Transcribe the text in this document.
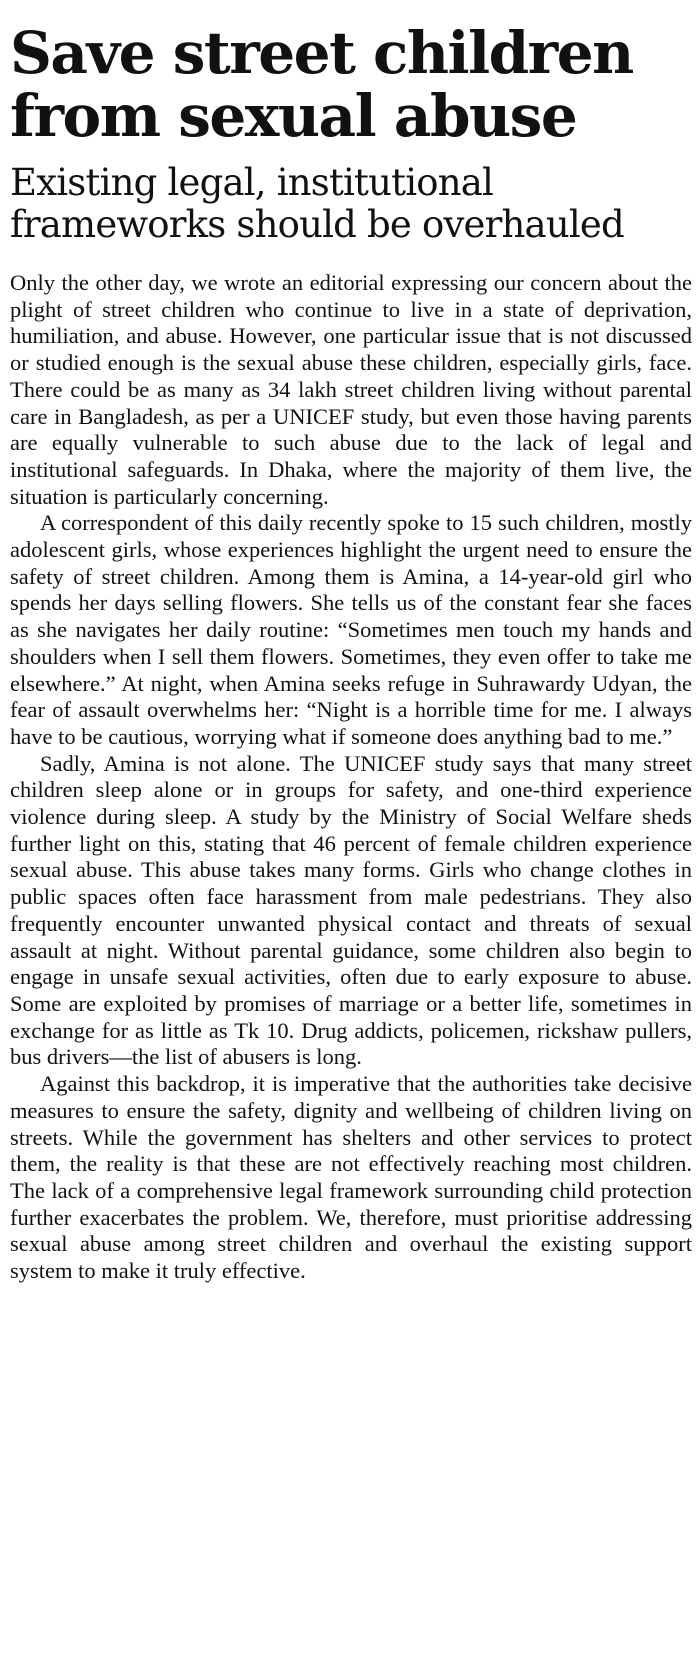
Save street children from sexual abuse
Existing legal, institutional frameworks should be overhauled

Only the other day, we wrote an editorial expressing our concern about the plight of street children who continue to live in a state of deprivation, humiliation, and abuse. However, one particular issue that is not discussed or studied enough is the sexual abuse these children, especially girls, face. There could be as many as 34 lakh street children living without parental care in Bangladesh, as per a UNICEF study, but even those having parents are equally vulnerable to such abuse due to the lack of legal and institutional safeguards. In Dhaka, where the majority of them live, the situation is particularly concerning.

A correspondent of this daily recently spoke to 15 such children, mostly adolescent girls, whose experiences highlight the urgent need to ensure the safety of street children. Among them is Amina, a 14-year-old girl who spends her days selling flowers. She tells us of the constant fear she faces as she navigates her daily routine: “Sometimes men touch my hands and shoulders when I sell them flowers. Sometimes, they even offer to take me elsewhere.” At night, when Amina seeks refuge in Suhrawardy Udyan, the fear of assault overwhelms her: “Night is a horrible time for me. I always have to be cautious, worrying what if someone does anything bad to me.”

Sadly, Amina is not alone. The UNICEF study says that many street children sleep alone or in groups for safety, and one-third experience violence during sleep. A study by the Ministry of Social Welfare sheds further light on this, stating that 46 percent of female children experience sexual abuse. This abuse takes many forms. Girls who change clothes in public spaces often face harassment from male pedestrians. They also frequently encounter unwanted physical contact and threats of sexual assault at night. Without parental guidance, some children also begin to engage in unsafe sexual activities, often due to early exposure to abuse. Some are exploited by promises of marriage or a better life, sometimes in exchange for as little as Tk 10. Drug addicts, policemen, rickshaw pullers, bus drivers—the list of abusers is long.

Against this backdrop, it is imperative that the authorities take decisive measures to ensure the safety, dignity and wellbeing of children living on streets. While the government has shelters and other services to protect them, the reality is that these are not effectively reaching most children. The lack of a comprehensive legal framework surrounding child protection further exacerbates the problem. We, therefore, must prioritise addressing sexual abuse among street children and overhaul the existing support system to make it truly effective.
